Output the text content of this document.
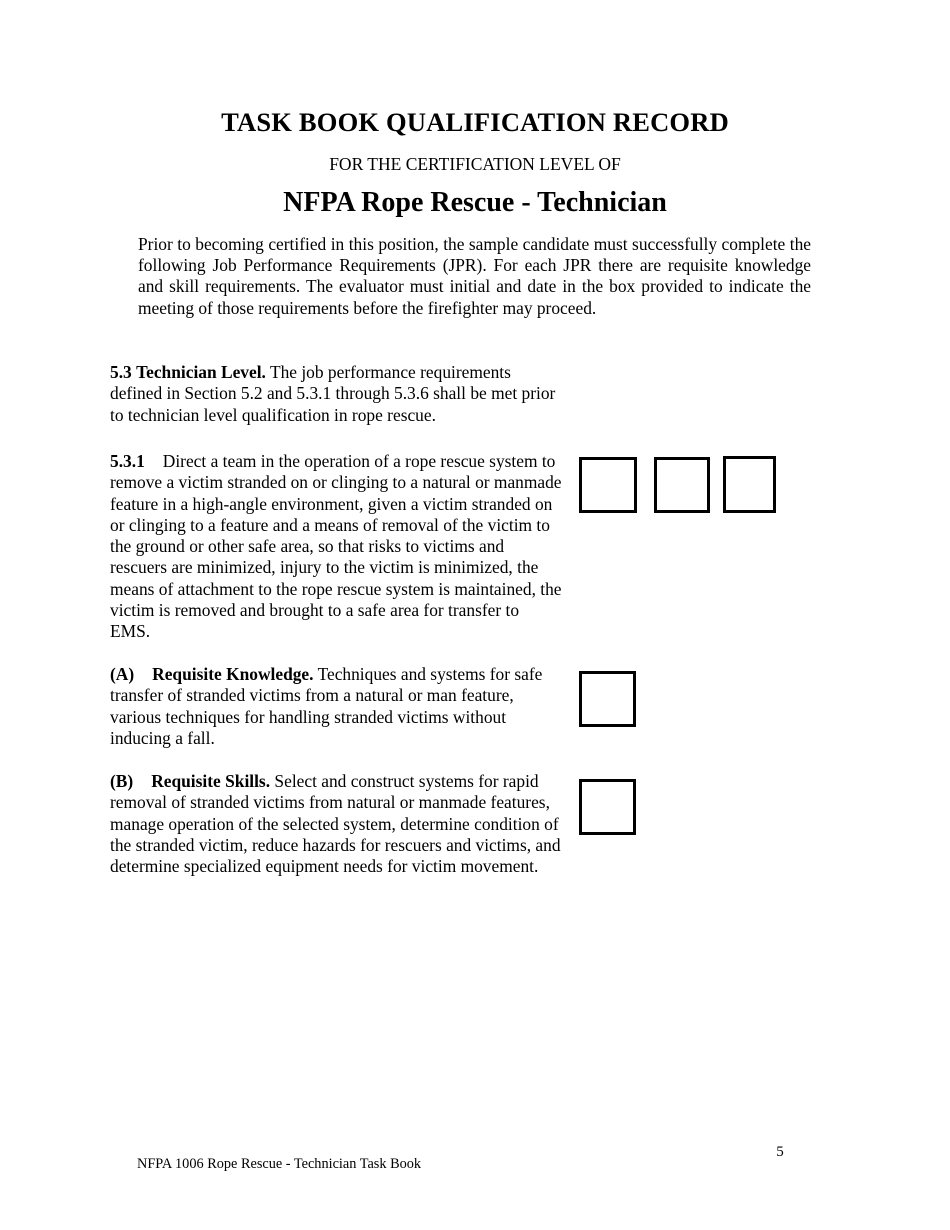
TASK BOOK QUALIFICATION RECORD
FOR THE CERTIFICATION LEVEL OF
NFPA Rope Rescue - Technician
Prior to becoming certified in this position, the sample candidate must successfully complete the following Job Performance Requirements (JPR). For each JPR there are requisite knowledge and skill requirements. The evaluator must initial and date in the box provided to indicate the meeting of those requirements before the firefighter may proceed.
5.3 Technician Level. The job performance requirements defined in Section 5.2 and 5.3.1 through 5.3.6 shall be met prior to technician level qualification in rope rescue.
5.3.1 Direct a team in the operation of a rope rescue system to remove a victim stranded on or clinging to a natural or manmade feature in a high-angle environment, given a victim stranded on or clinging to a feature and a means of removal of the victim to the ground or other safe area, so that risks to victims and rescuers are minimized, injury to the victim is minimized, the means of attachment to the rope rescue system is maintained, the victim is removed and brought to a safe area for transfer to EMS.
(A) Requisite Knowledge. Techniques and systems for safe transfer of stranded victims from a natural or man feature, various techniques for handling stranded victims without inducing a fall.
(B) Requisite Skills. Select and construct systems for rapid removal of stranded victims from natural or manmade features, manage operation of the selected system, determine condition of the stranded victim, reduce hazards for rescuers and victims, and determine specialized equipment needs for victim movement.
NFPA 1006 Rope Rescue - Technician Task Book
5
